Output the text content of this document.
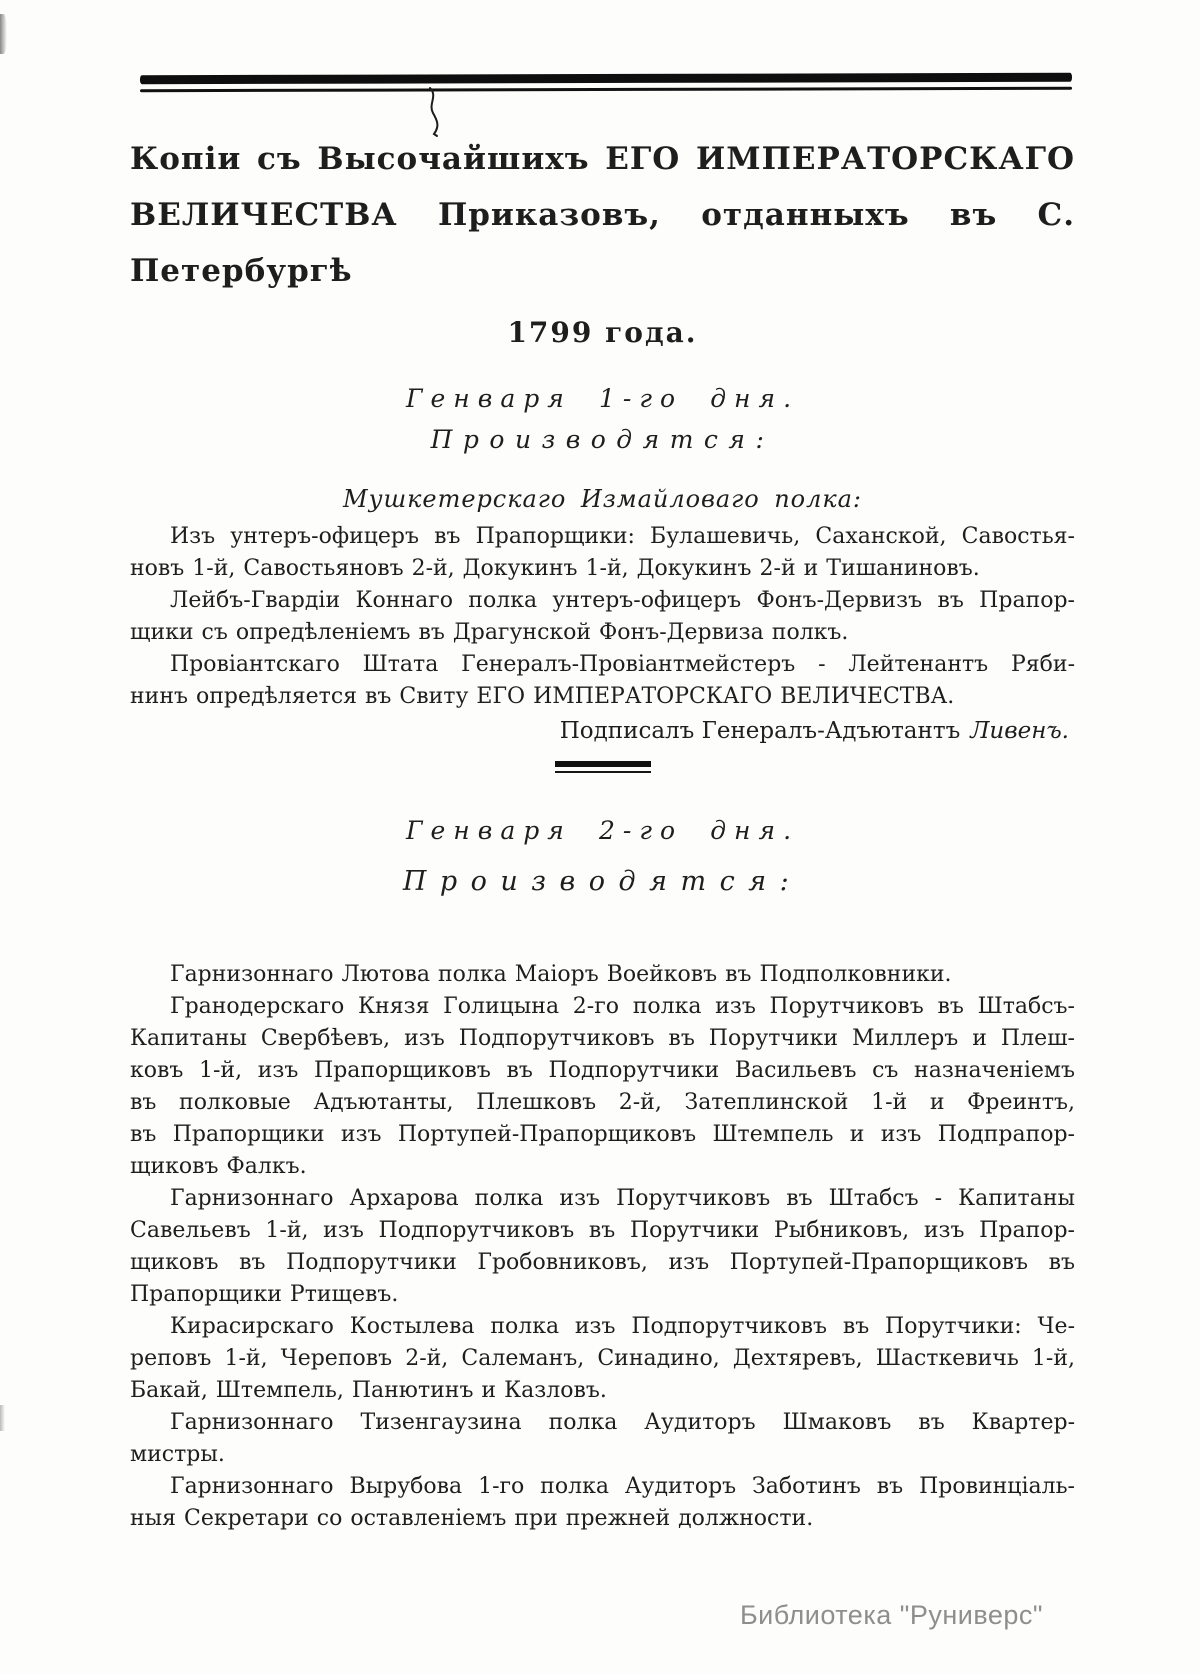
Копіи съ Высочайшихъ ЕГО ИМПЕРАТОРСКАГО
ВЕЛИЧЕСТВА Приказовъ, отданныхъ въ С. Петербургѣ
1799 года.
Генваря 1-го дня.
Производятся:
Мушкетерскаго Измайловаго полка:

Изъ унтеръ-офицеръ въ Прапорщики: Булашевичь, Саханской, Савостья-
новъ 1-й, Савостьяновъ 2-й, Докукинъ 1-й, Докукинъ 2-й и Тишаниновъ.

Лейбъ-Гвардіи Коннаго полка унтеръ-офицеръ Фонъ-Дервизъ въ Прапор-
щики съ опредѣленіемъ въ Драгунской Фонъ-Дервиза полкъ.

Провіантскаго Штата Генералъ-Провіантмейстеръ - Лейтенантъ Ряби-
нинъ опредѣляется въ Свиту ЕГО ИМПЕРАТОРСКАГО ВЕЛИЧЕСТВА.

Подписалъ Генералъ-Адъютантъ Ливенъ.
Генваря 2-го дня.
Производятся:

Гарнизоннаго Лютова полка Маіоръ Воейковъ въ Подполковники.

Гранодерскаго Князя Голицына 2-го полка изъ Порутчиковъ въ Штабсъ-
Капитаны Свербѣевъ, изъ Подпорутчиковъ въ Порутчики Миллеръ и Плеш-
ковъ 1-й, изъ Прапорщиковъ въ Подпорутчики Васильевъ съ назначеніемъ
въ полковые Адъютанты, Плешковъ 2-й, Затеплинской 1-й и Фреинтъ,
въ Прапорщики изъ Портупей-Прапорщиковъ Штемпель и изъ Подпрапор-
щиковъ Фалкъ.

Гарнизоннаго Архарова полка изъ Порутчиковъ въ Штабсъ - Капитаны
Савельевъ 1-й, изъ Подпорутчиковъ въ Порутчики Рыбниковъ, изъ Прапор-
щиковъ въ Подпорутчики Гробовниковъ, изъ Портупей-Прапорщиковъ въ
Прапорщики Ртищевъ.

Кирасирскаго Костылева полка изъ Подпорутчиковъ въ Порутчики: Че-
реповъ 1-й, Череповъ 2-й, Салеманъ, Синадино, Дехтяревъ, Шасткевичь 1-й,
Бакай, Штемпель, Панютинъ и Казловъ.

Гарнизоннаго Тизенгаузина полка Аудиторъ Шмаковъ въ Квартер-
мистры.

Гарнизоннаго Вырубова 1-го полка Аудиторъ Заботинъ въ Провинціаль-
ныя Секретари со оставленіемъ при прежней должности.

Библиотека "Руниверс"
